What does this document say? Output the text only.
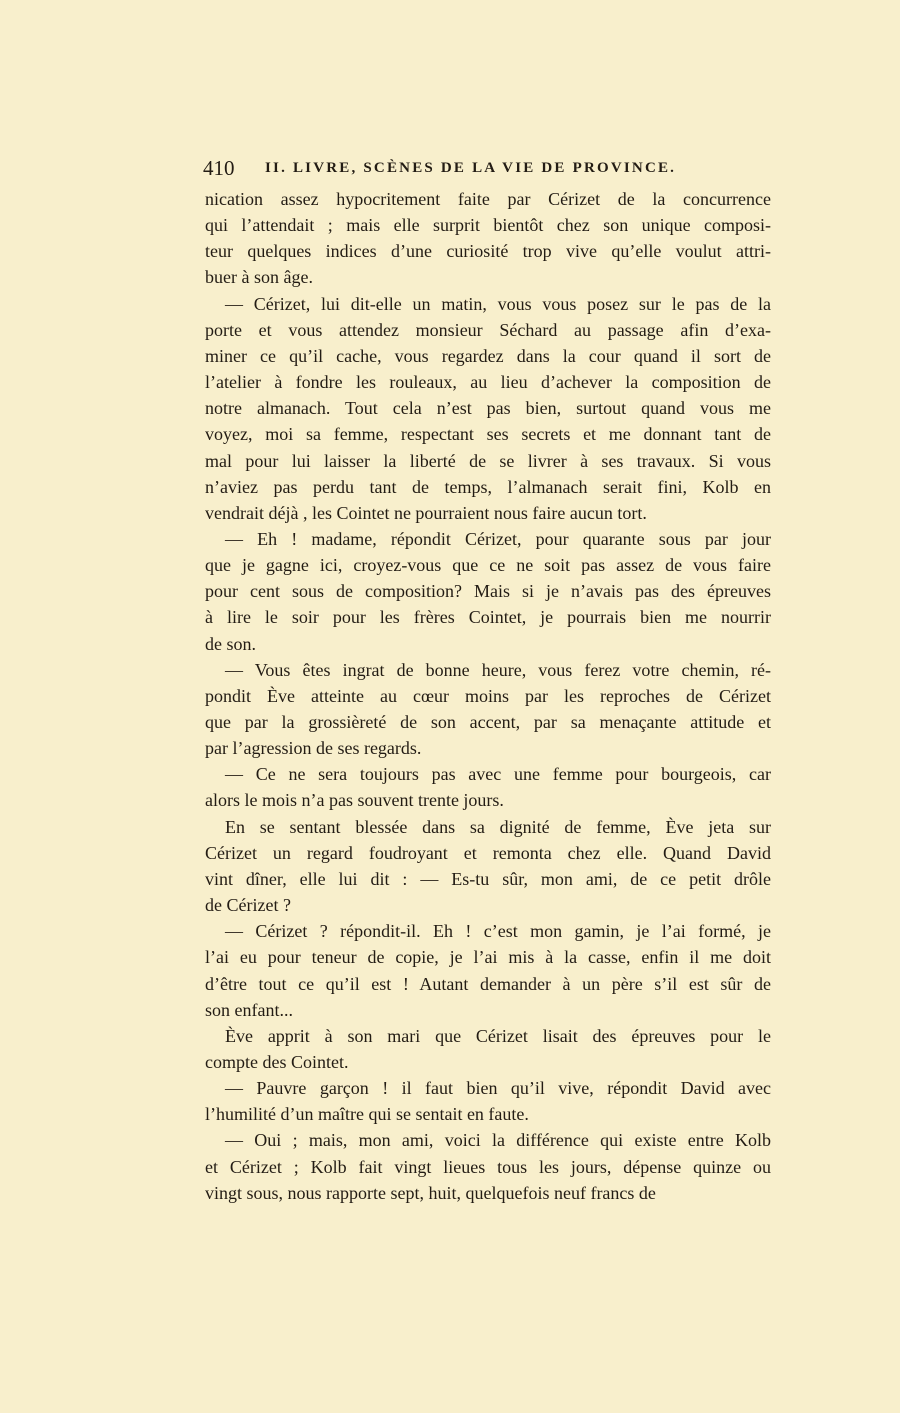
410 II. LIVRE, SCÈNES DE LA VIE DE PROVINCE.
nication assez hypocritement faite par Cérizet de la concurrence
qui l’attendait ; mais elle surprit bientôt chez son unique composi-
teur quelques indices d’une curiosité trop vive qu’elle voulut attri-
buer à son âge.
— Cérizet, lui dit-elle un matin, vous vous posez sur le pas de la
porte et vous attendez monsieur Séchard au passage afin d’exa-
miner ce qu’il cache, vous regardez dans la cour quand il sort de
l’atelier à fondre les rouleaux, au lieu d’achever la composition de
notre almanach. Tout cela n’est pas bien, surtout quand vous me
voyez, moi sa femme, respectant ses secrets et me donnant tant de
mal pour lui laisser la liberté de se livrer à ses travaux. Si vous
n’aviez pas perdu tant de temps, l’almanach serait fini, Kolb en
vendrait déjà , les Cointet ne pourraient nous faire aucun tort.
— Eh ! madame, répondit Cérizet, pour quarante sous par jour
que je gagne ici, croyez-vous que ce ne soit pas assez de vous faire
pour cent sous de composition? Mais si je n’avais pas des épreuves
à lire le soir pour les frères Cointet, je pourrais bien me nourrir
de son.
— Vous êtes ingrat de bonne heure, vous ferez votre chemin, ré-
pondit Ève atteinte au cœur moins par les reproches de Cérizet
que par la grossièreté de son accent, par sa menaçante attitude et
par l’agression de ses regards.
— Ce ne sera toujours pas avec une femme pour bourgeois, car
alors le mois n’a pas souvent trente jours.
En se sentant blessée dans sa dignité de femme, Ève jeta sur
Cérizet un regard foudroyant et remonta chez elle. Quand David
vint dîner, elle lui dit : — Es-tu sûr, mon ami, de ce petit drôle
de Cérizet ?
— Cérizet ? répondit-il. Eh ! c’est mon gamin, je l’ai formé, je
l’ai eu pour teneur de copie, je l’ai mis à la casse, enfin il me doit
d’être tout ce qu’il est ! Autant demander à un père s’il est sûr de
son enfant...
Ève apprit à son mari que Cérizet lisait des épreuves pour le
compte des Cointet.
— Pauvre garçon ! il faut bien qu’il vive, répondit David avec
l’humilité d’un maître qui se sentait en faute.
— Oui ; mais, mon ami, voici la différence qui existe entre Kolb
et Cérizet ; Kolb fait vingt lieues tous les jours, dépense quinze ou
vingt sous, nous rapporte sept, huit, quelquefois neuf francs de
